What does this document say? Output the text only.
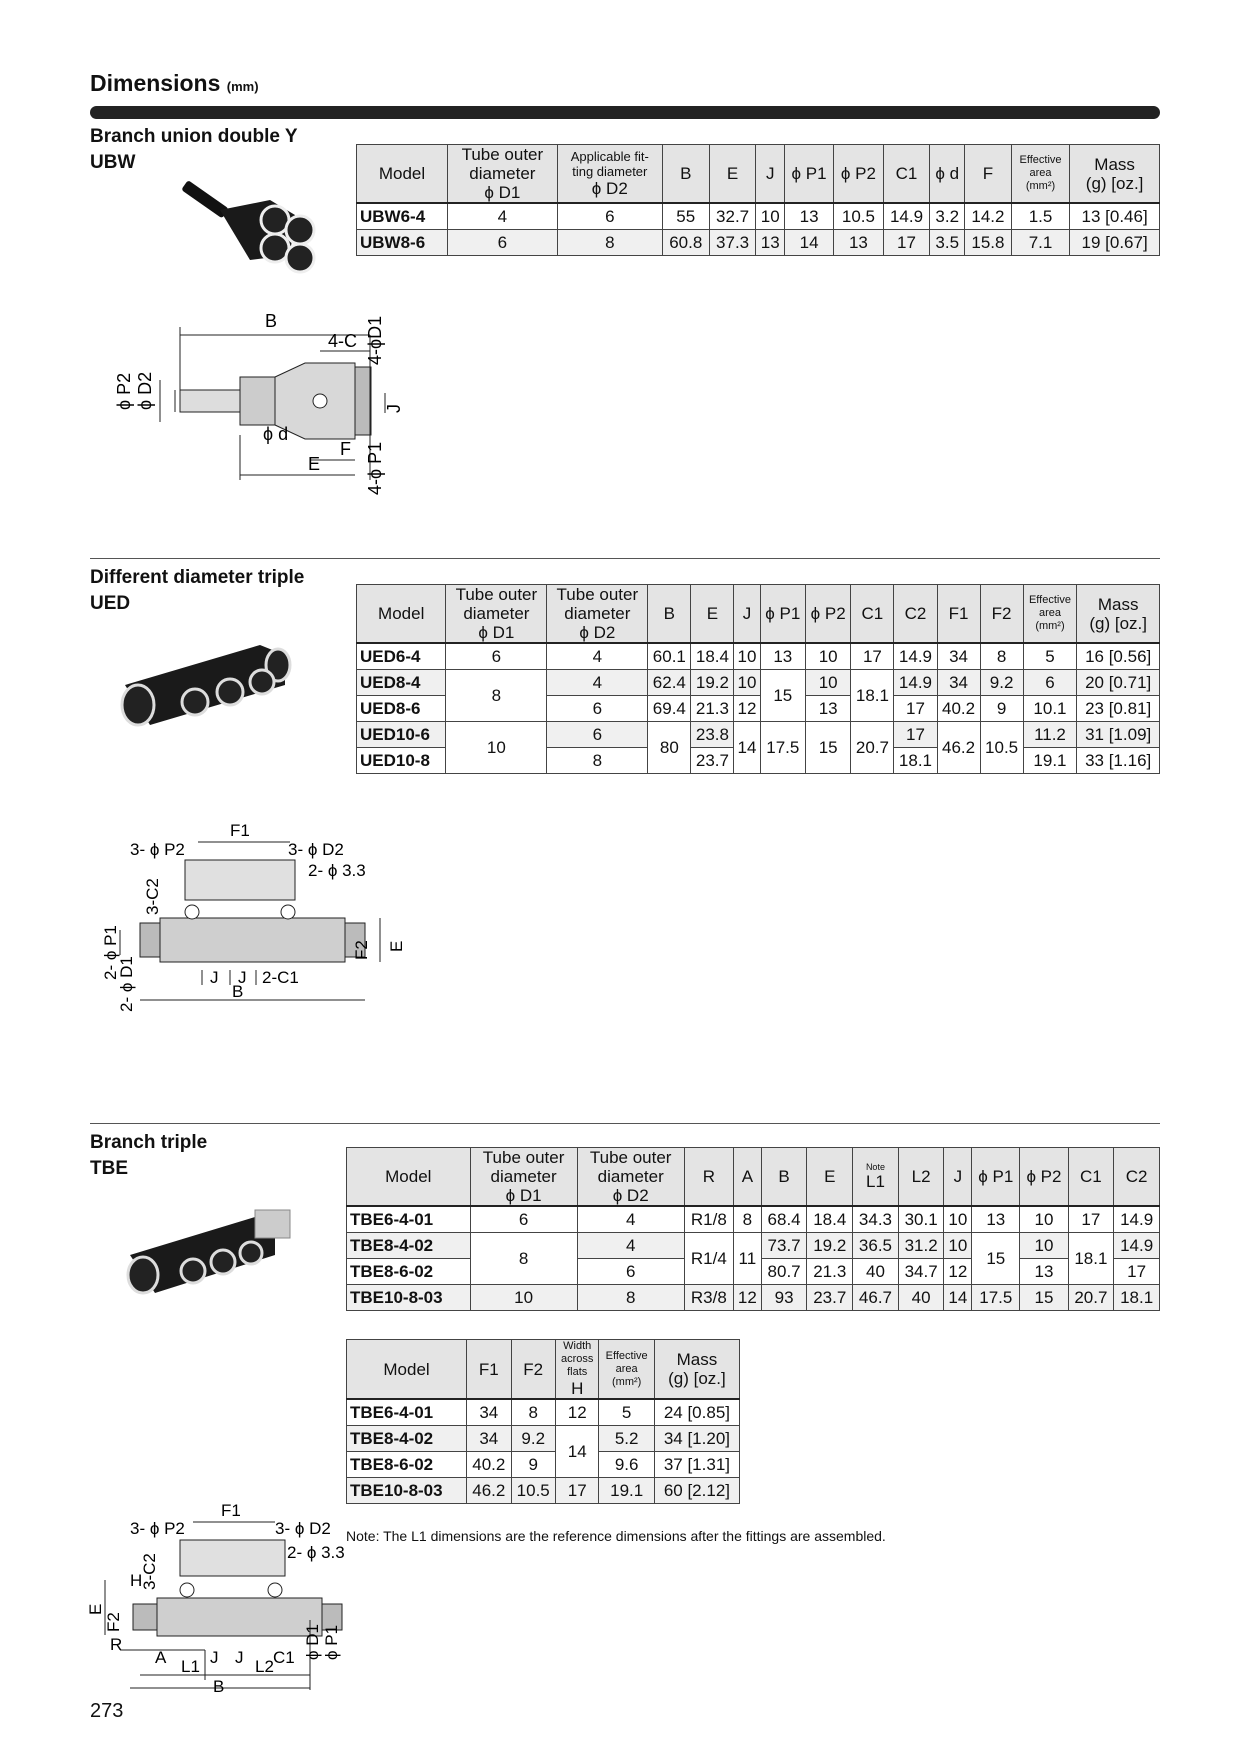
Dimensions (mm)
Branch union double Y
UBW
Model	Tube outer
diameter
ϕ D1	Applicable fit-
ting diameter
ϕ D2	B	E	J	ϕ P1	ϕ P2	C1	ϕ d	F	Effective
area
(mm²)	Mass
(g) [oz.]
UBW6-4	4	6	55	32.7	10	13	10.5	14.9	3.2	14.2	1.5	13 [0.46]
UBW8-6	6	8	60.8	37.3	13	14	13	17	3.5	15.8	7.1	19 [0.67]
B
4-C 4-ϕD1
ϕ P2 ϕ D2	J
ϕ d
F
E 4-ϕ P1
Different diameter triple
UED	Model	Tube outer
diameter
ϕ D1	Tube outer
diameter
ϕ D2	B	E	J	ϕ P1	ϕ P2	C1	C2	F1	F2	Effective
area
(mm²)	Mass
(g) [oz.]
UED6-4	6	4	60.1	18.4	10	13	10	17	14.9	34	8	5	16 [0.56]
UED8-4	8	4	62.4	19.2	10	15	10	18.1	14.9	34	9.2	6	20 [0.71]
UED8-6		6	69.4	21.3	12		13		17	40.2	9	10.1	23 [0.81]
UED10-6	10	6	80	23.8	14	17.5	15	20.7	17	46.2	10.5	11.2	31 [1.09]
UED10-8		8		23.7					18.1			19.1	33 [1.16]
F1
3- ϕ P2	3- ϕ D2
2- ϕ 3.3
3-C2
E
F2
2- ϕ P1
2- ϕ D1	J J 2-C1
B
Branch triple
TBE	Model	Tube outer
diameter
ϕ D1	Tube outer
diameter
ϕ D2	R	A	B	E	Note
L1	L2	J	ϕ P1	ϕ P2	C1	C2
TBE6-4-01	6	4	R1/8	8	68.4	18.4	34.3	30.1	10	13	10	17	14.9
TBE8-4-02	8	4	R1/4	11	73.7	19.2	36.5	31.2	10	15	10	18.1	14.9
TBE8-6-02		6			80.7	21.3	40	34.7	12		13		17
TBE10-8-03	10	8	R3/8	12	93	23.7	46.7	40	14	17.5	15	20.7	18.1
Model	F1	F2	Width
across
flats
H	Effective
area
(mm²)	Mass
(g) [oz.]
TBE6-4-01	34	8	12	5	24 [0.85]
TBE8-4-02	34	9.2	14	5.2	34 [1.20]
TBE8-6-02	40.2	9		9.6	37 [1.31]
TBE10-8-03	46.2	10.5	17	19.1	60 [2.12]
Note: The L1 dimensions are the reference dimensions after the fittings are assembled.
F1
3- ϕ P2	3- ϕ D2
2- ϕ 3.3
3-C2
H
E
F2
R
A	J J C1 ϕ D1 ϕ P1
L1	L2
B
273
